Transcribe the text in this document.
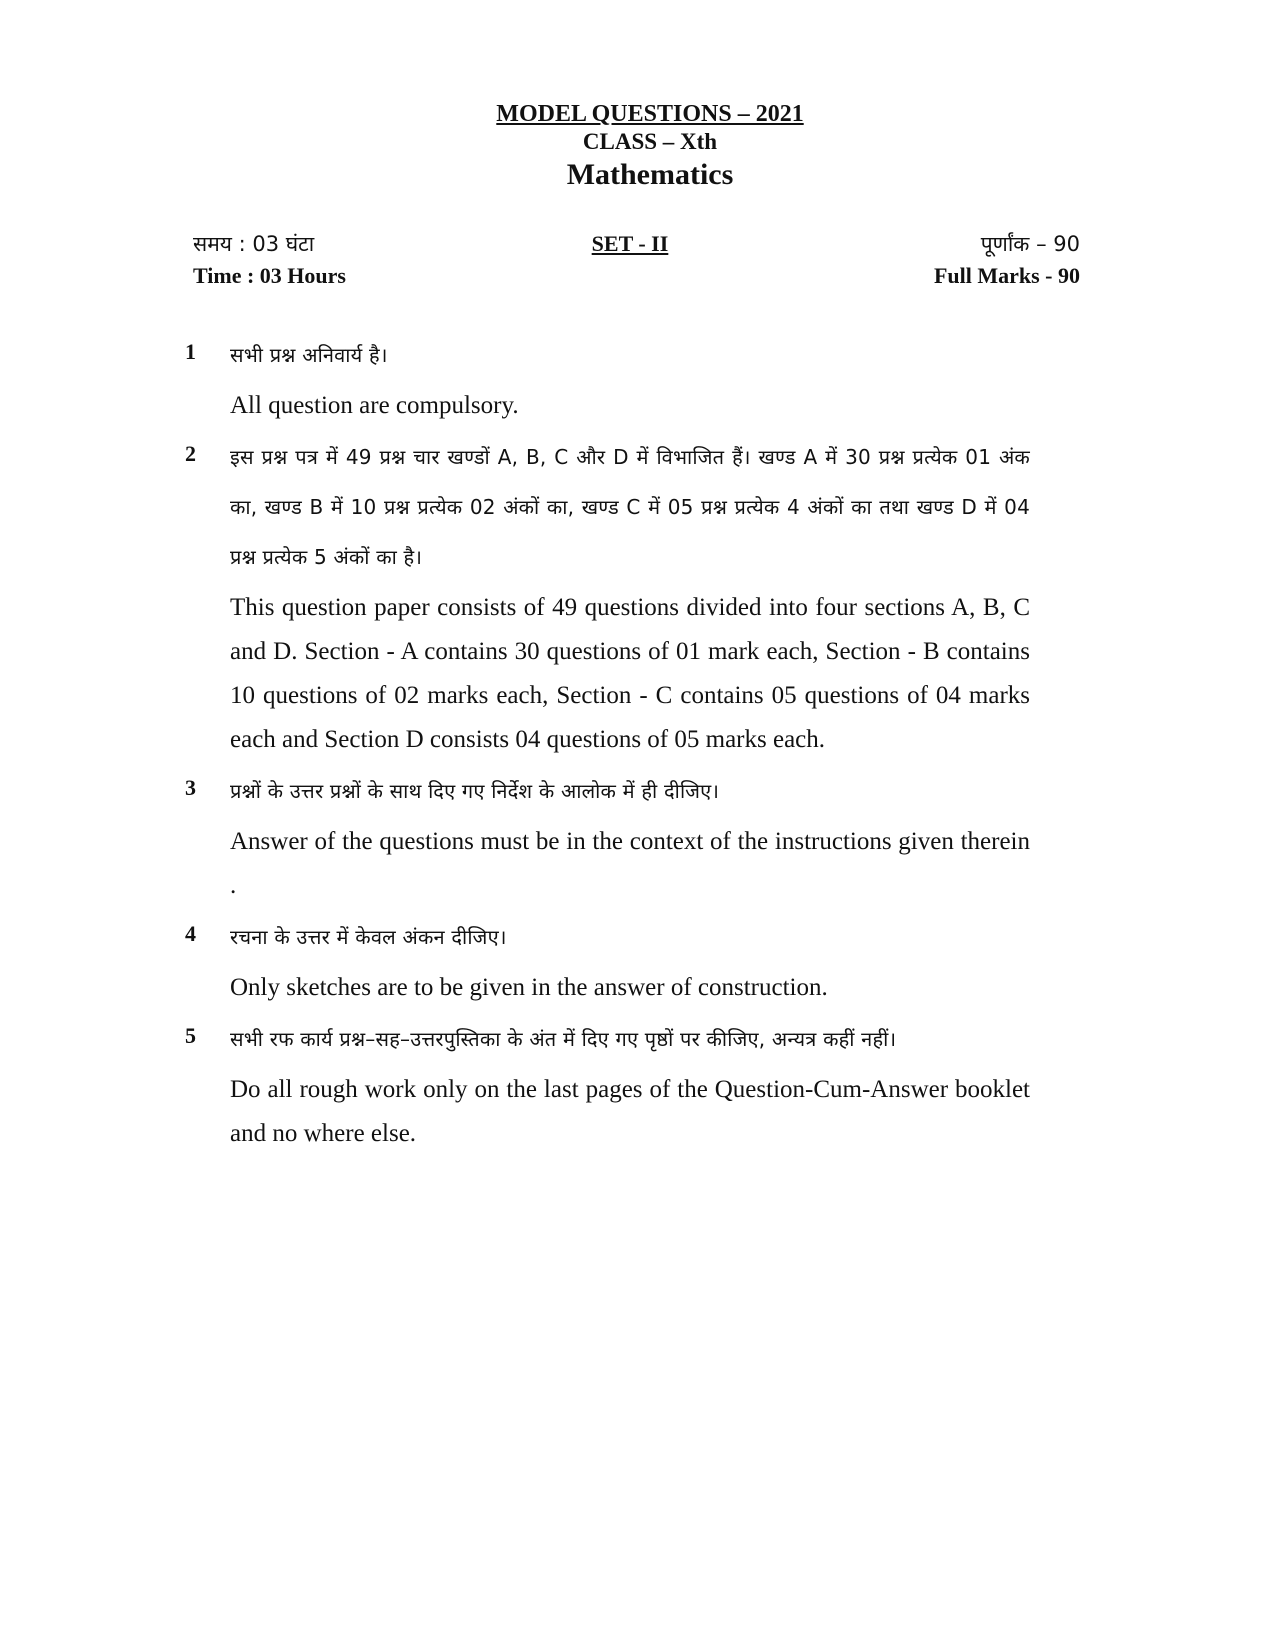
MODEL QUESTIONS – 2021
CLASS – Xth
Mathematics
समय : 03 घंटा
Time : 03 Hours
SET - II	पूर्णांक – 90
Full Marks - 90
1	सभी प्रश्न अनिवार्य है।

All question are compulsory.

2	इस प्रश्न पत्र में 49 प्रश्न चार खण्डों A, B, C और D में विभाजित हैं। खण्ड A में 30 प्रश्न प्रत्येक 01 अंक का, खण्ड B में 10 प्रश्न प्रत्येक 02 अंकों का, खण्ड C में 05 प्रश्न प्रत्येक 4 अंकों का तथा खण्ड D में 04 प्रश्न प्रत्येक 5 अंकों का है।

This question paper consists of 49 questions divided into four sections A, B, C and D. Section - A contains 30 questions of 01 mark each, Section - B contains 10 questions of 02 marks each, Section - C contains 05 questions of 04 marks each and Section D consists 04 questions of 05 marks each.

3	प्रश्नों के उत्तर प्रश्नों के साथ दिए गए निर्देश के आलोक में ही दीजिए।

Answer of the questions must be in the context of the instructions given therein .

4	रचना के उत्तर में केवल अंकन दीजिए।

Only sketches are to be given in the answer of construction.

5	सभी रफ कार्य प्रश्न–सह–उत्तरपुस्तिका के अंत में दिए गए पृष्ठों पर कीजिए, अन्यत्र कहीं नहीं।

Do all rough work only on the last pages of the Question-Cum-Answer booklet and no where else.
